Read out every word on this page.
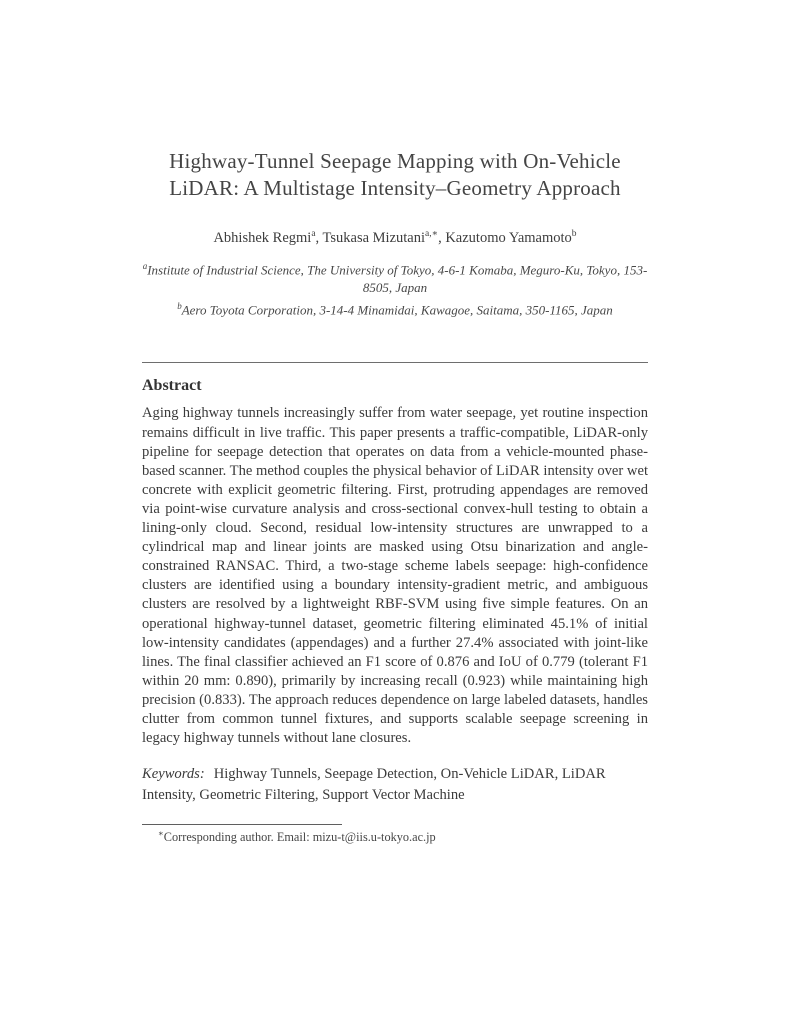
Highway-Tunnel Seepage Mapping with On-Vehicle
LiDAR: A Multistage Intensity–Geometry Approach
Abhishek Regmi$^a$, Tsukasa Mizutani$^{a,∗}$, Kazutomo Yamamoto$^b$
$^a$Institute of Industrial Science, The University of Tokyo, 4-6-1 Komaba, Meguro-Ku, Tokyo, 153-8505, Japan
$^b$Aero Toyota Corporation, 3-14-4 Minamidai, Kawagoe, Saitama, 350-1165, Japan
Abstract

Aging highway tunnels increasingly suffer from water seepage, yet routine inspection remains difficult in live traffic. This paper presents a traffic-compatible, LiDAR-only pipeline for seepage detection that operates on data from a vehicle-mounted phase-based scanner. The method couples the physical behavior of LiDAR intensity over wet concrete with explicit geometric filtering. First, protruding appendages are removed via point-wise curvature analysis and cross-sectional convex-hull testing to obtain a lining-only cloud. Second, residual low-intensity structures are unwrapped to a cylindrical map and linear joints are masked using Otsu binarization and angle-constrained RANSAC. Third, a two-stage scheme labels seepage: high-confidence clusters are identified using a boundary intensity-gradient metric, and ambiguous clusters are resolved by a lightweight RBF-SVM using five simple features. On an operational highway-tunnel dataset, geometric filtering eliminated 45.1% of initial low-intensity candidates (appendages) and a further 27.4% associated with joint-like lines. The final classifier achieved an F1 score of 0.876 and IoU of 0.779 (tolerant F1 within 20 mm: 0.890), primarily by increasing recall (0.923) while maintaining high precision (0.833). The approach reduces dependence on large labeled datasets, handles clutter from common tunnel fixtures, and supports scalable seepage screening in legacy highway tunnels without lane closures.

Keywords: Highway Tunnels, Seepage Detection, On-Vehicle LiDAR, LiDAR Intensity, Geometric Filtering, Support Vector Machine

∗Corresponding author. Email: mizu-t@iis.u-tokyo.ac.jp
